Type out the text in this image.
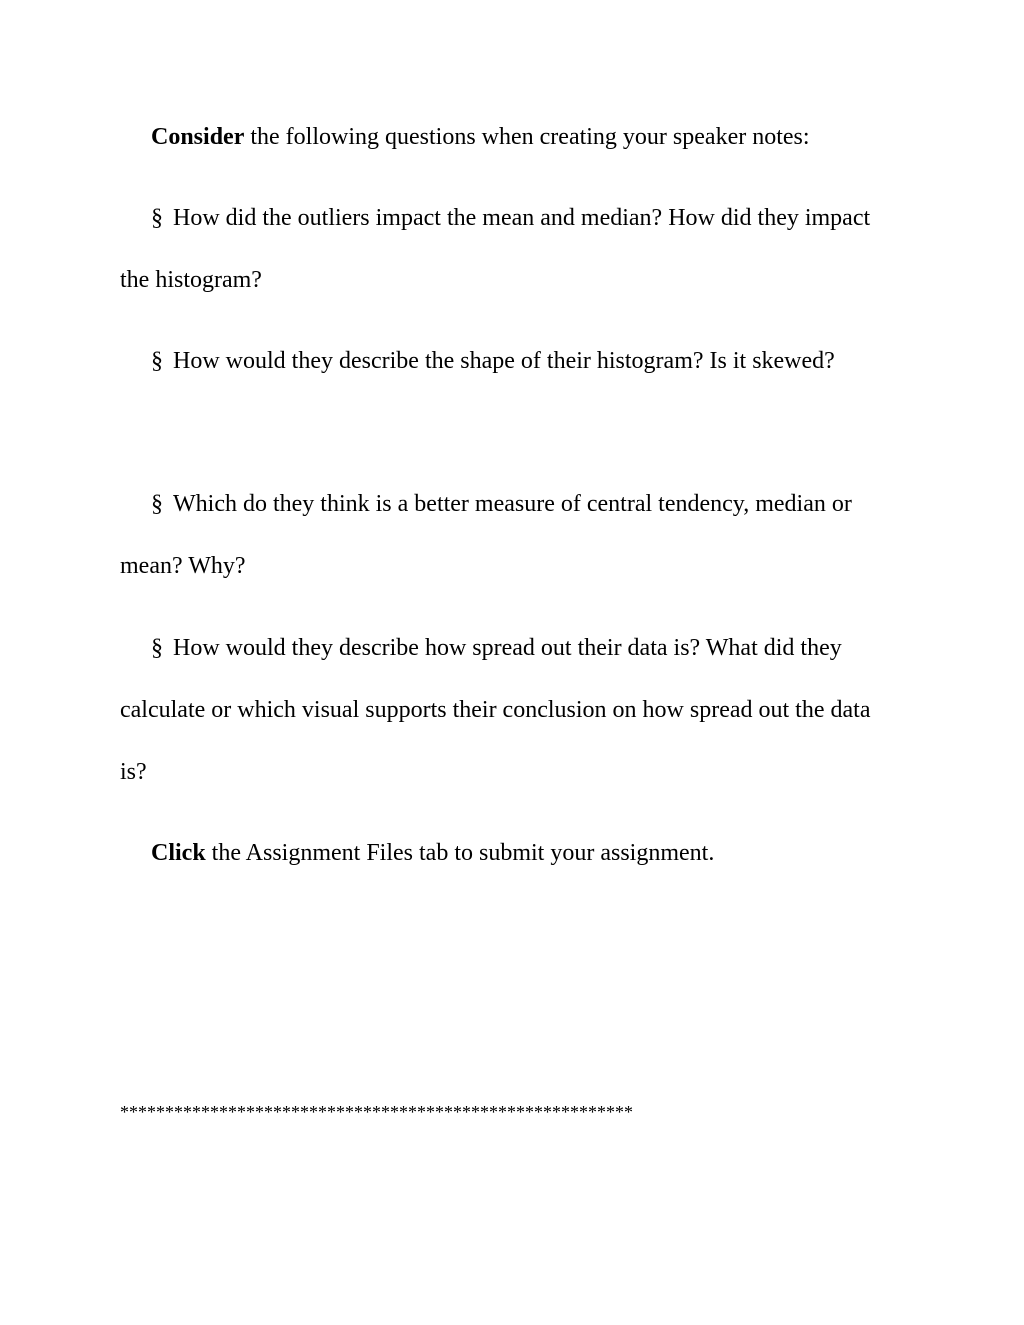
Consider the following questions when creating your speaker notes:

§ How did the outliers impact the mean and median? How did they impact the histogram?

§ How would they describe the shape of their histogram? Is it skewed?

§ Which do they think is a better measure of central tendency, median or mean? Why?

§ How would they describe how spread out their data is? What did they calculate or which visual supports their conclusion on how spread out the data is?

Click the Assignment Files tab to submit your assignment.

*********************************************************
